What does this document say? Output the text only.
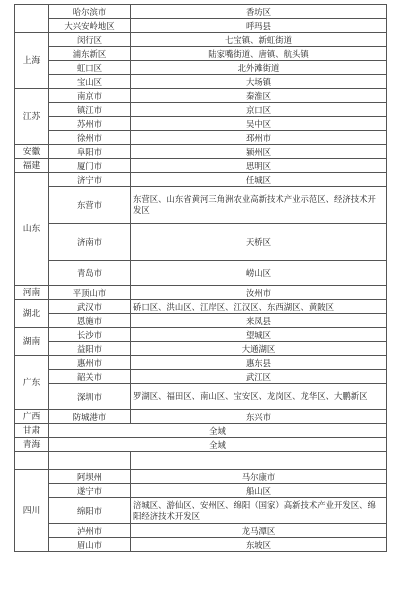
	哈尔滨市	香坊区
	大兴安岭地区	呼玛县
上海	闵行区	七宝镇、新虹街道
	浦东新区	陆家嘴街道、唐镇、航头镇
	虹口区	北外滩街道
	宝山区	大场镇
江苏	南京市	秦淮区
	镇江市	京口区
	苏州市	吴中区
	徐州市	邳州市
安徽	阜阳市	颍州区
福建	厦门市	思明区
山东	济宁市	任城区
	东营市	东营区、山东省黄河三角洲农业高新技术产业示范区、经济技术开发区
	济南市	天桥区
	青岛市	崂山区
河南	平顶山市	汝州市
湖北	武汉市	硚口区、洪山区、江岸区、江汉区、东西湖区、黄陂区
	恩施市	来凤县
湖南	长沙市	望城区
	益阳市	大通湖区
广东	惠州市	惠东县
	韶关市	武江区
	深圳市	罗湖区、福田区、南山区、宝安区、龙岗区、龙华区、大鹏新区
广西	防城港市	东兴市
甘肃	全域	
青海	全域	

四川	阿坝州	马尔康市
	遂宁市	船山区
	绵阳市	涪城区、游仙区、安州区、绵阳（国家）高新技术产业开发区、绵阳经济技术开发区
	泸州市	龙马潭区
	眉山市	东坡区
